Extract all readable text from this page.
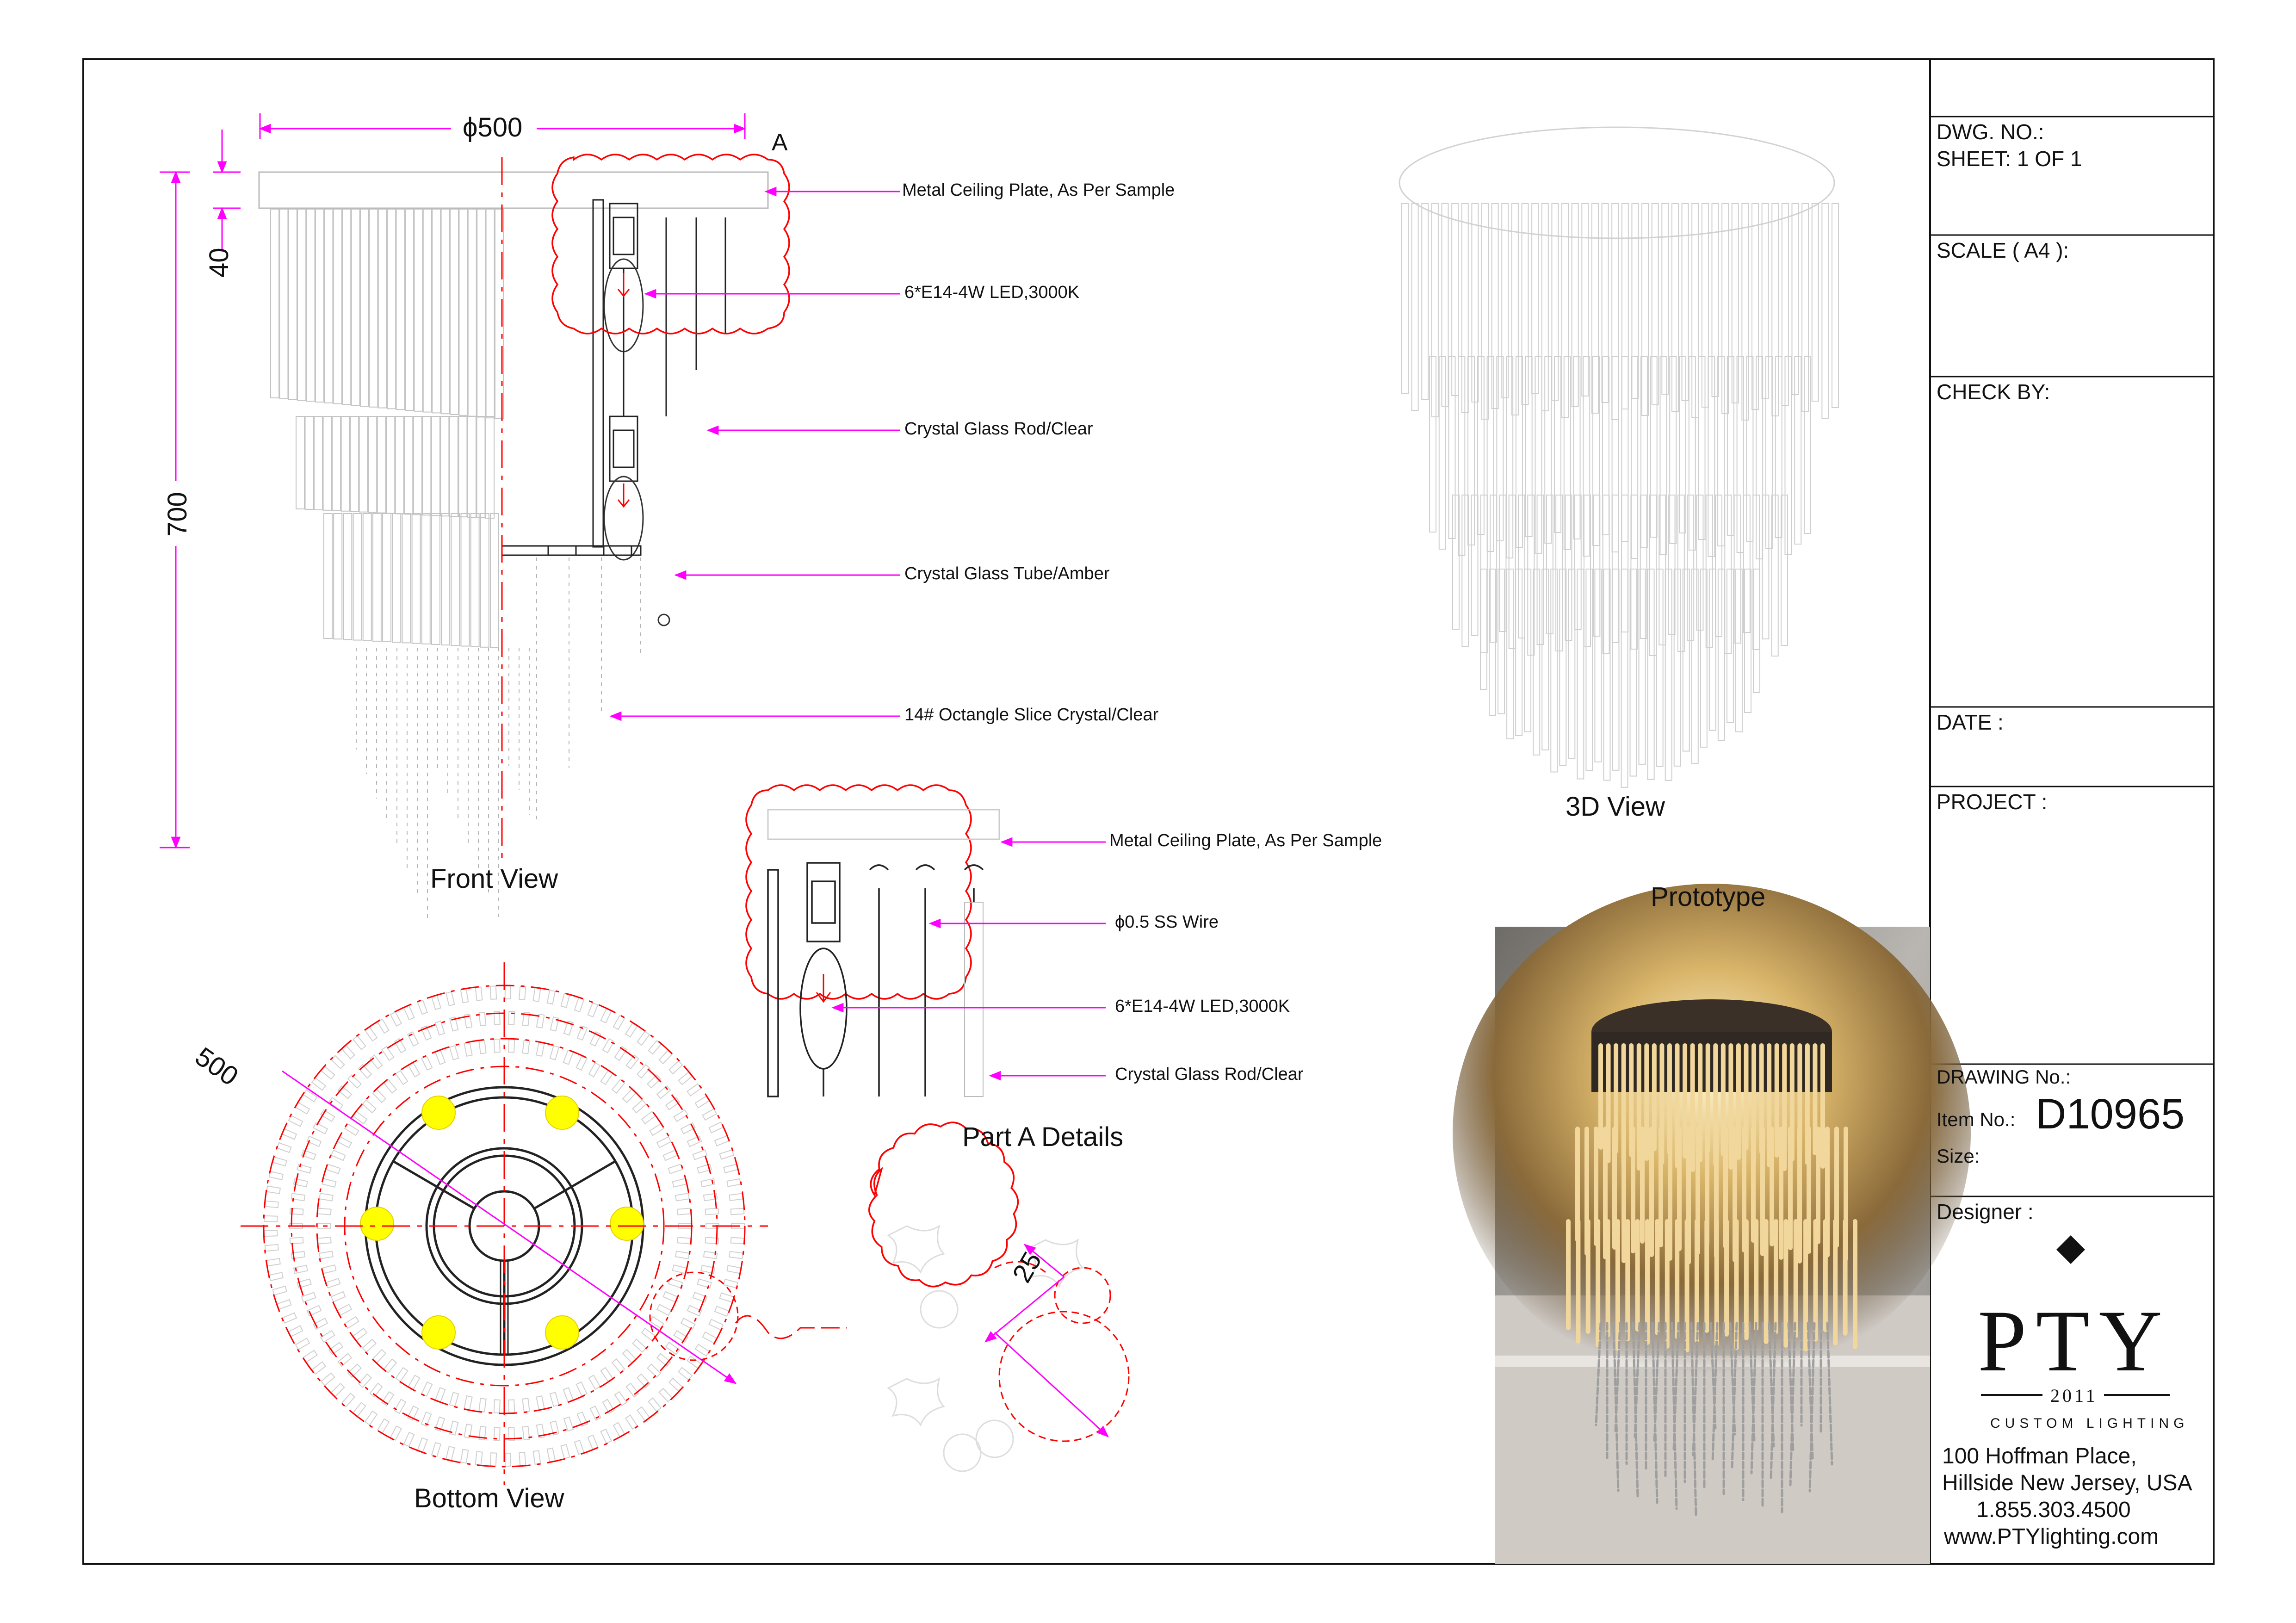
ϕ500	A
40
700
500
25
Metal Ceiling Plate, As Per Sample
6*E14-4W LED,3000K
Crystal Glass Rod/Clear
Crystal Glass Tube/Amber
14# Octangle Slice Crystal/Clear
Metal Ceiling Plate, As Per Sample
ϕ0.5 SS Wire
6*E14-4W LED,3000K
Crystal Glass Rod/Clear
Front View
Bottom View
Part A Details
3D View
Prototype
DWG. NO.:
SHEET: 1 OF 1
SCALE ( A4 ):
CHECK BY:
DATE :
PROJECT :
DRAWING No.:
Item No.: D10965
Size:
Designer :
PTY
2011
CUSTOM LIGHTING
100 Hoffman Place,
Hillside New Jersey, USA
1.855.303.4500
www.PTYlighting.com
